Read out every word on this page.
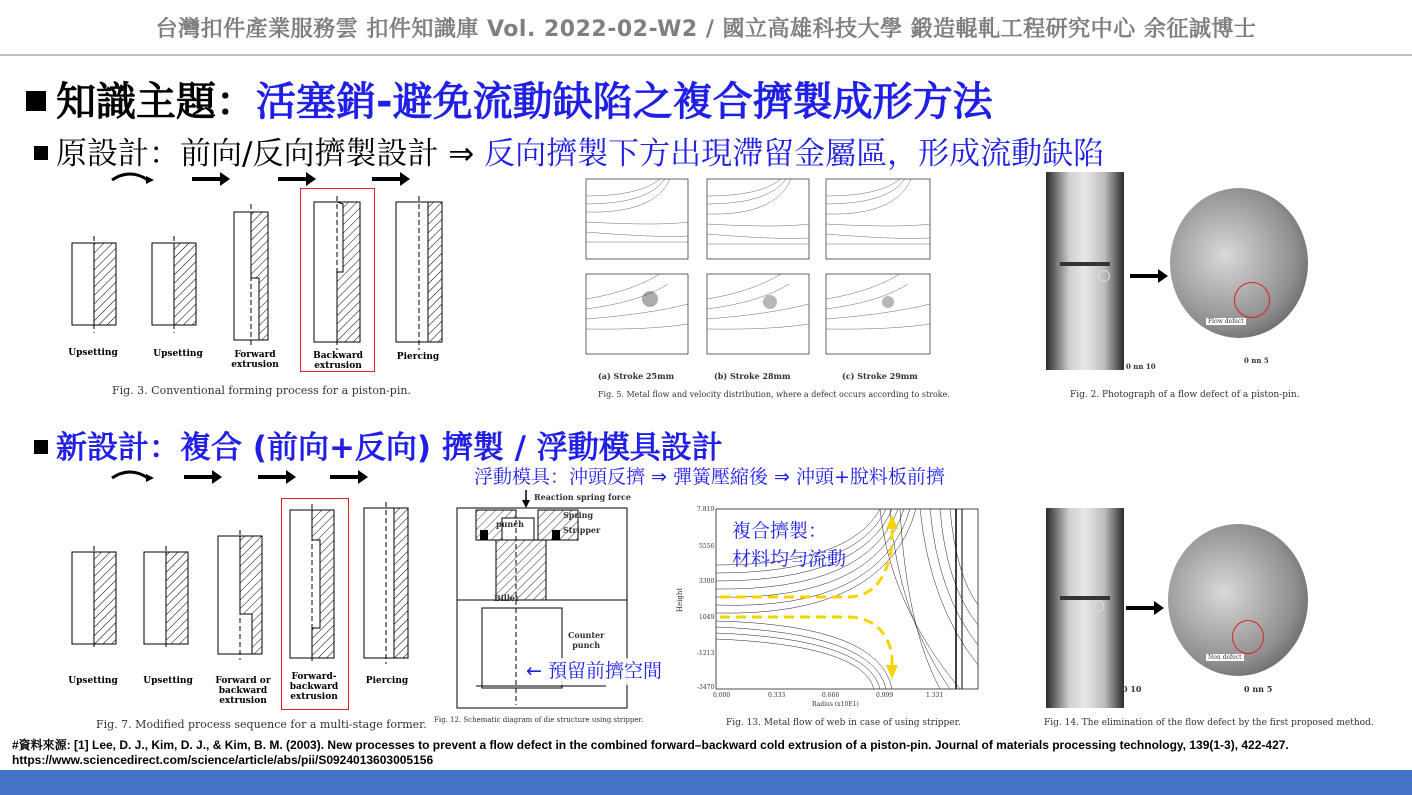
台灣扣件產業服務雲 扣件知識庫 Vol. 2022-02-W2 / 國立高雄科技大學 鍛造輥軋工程研究中心 余征誠博士
知識主題：活塞銷-避免流動缺陷之複合擠製成形方法
原設計：前向/反向擠製設計 ⇒ 反向擠製下方出現滯留金屬區，形成流動缺陷
Upsetting	Upsetting	Forward
extrusion
Backward
extrusion
Piercing
Fig. 3. Conventional forming process for a piston-pin.
(a) Stroke 25mm	(b) Stroke 28mm	(c) Stroke 29mm
Fig. 5. Metal flow and velocity distribution, where a defect occurs according to stroke.
Flow defect
0 nn 10
0 nn 5
Fig. 2. Photograph of a flow defect of a piston-pin.
新設計：複合 (前向+反向) 擠製 / 浮動模具設計
浮動模具：沖頭反擠 ⇒ 彈簧壓縮後 ⇒ 沖頭+脫料板前擠
Upsetting	Upsetting	Forward or
backward
extrusion
Forward-
backward
extrusion
Piercing
Fig. 7. Modified process sequence for a multi-stage former.
Reaction spring force
Spring
Stripper
punch
Billet
Counter
punch
← 預留前擠空間
Fig. 12. Schematic diagram of die structure using stripper.
複合擠製：
材料均勻流動
Height
7.819
5556
3300
1049
-1213
-3470
0.000	0.333	0.666	0.999	1.331
Radius (x10E1)
Fig. 13. Metal flow of web in case of using stripper.
Non defect
0 10	0 nn 5
Fig. 14. The elimination of the flow defect by the first proposed method.
#資料來源: [1] Lee, D. J., Kim, D. J., & Kim, B. M. (2003). New processes to prevent a flow defect in the combined forward–backward cold extrusion of a piston-pin. Journal of materials processing technology, 139(1-3), 422-427. https://www.sciencedirect.com/science/article/abs/pii/S0924013603005156
